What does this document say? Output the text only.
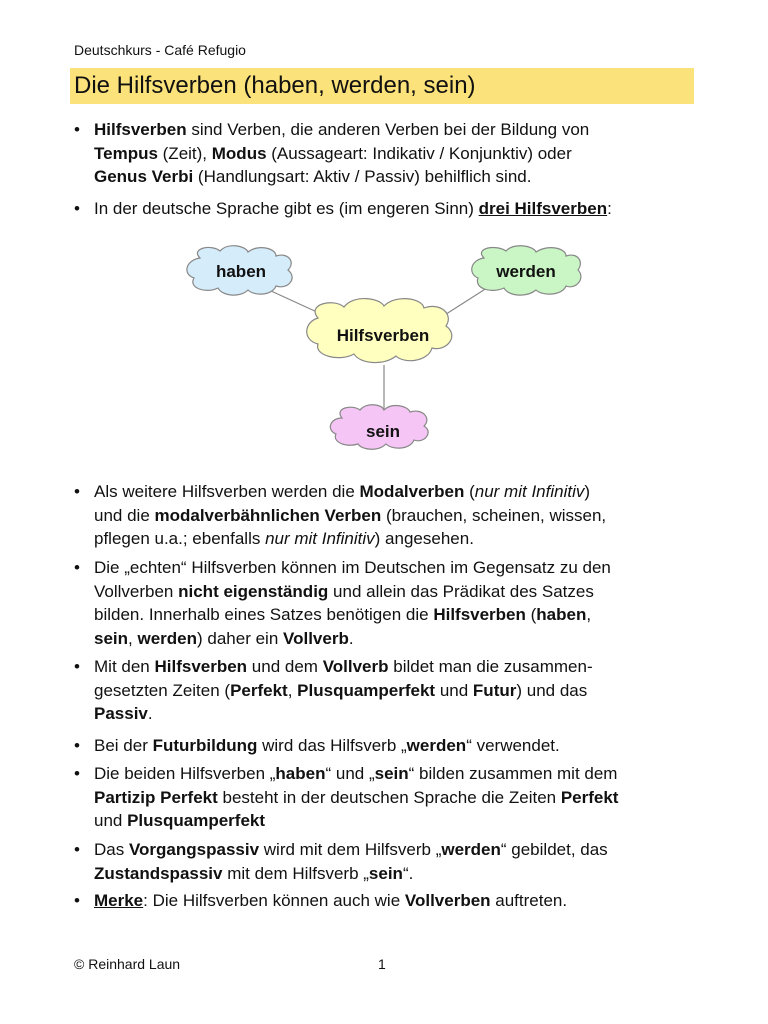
Deutschkurs - Café Refugio
Die Hilfsverben (haben, werden, sein)
• Hilfsverben sind Verben, die anderen Verben bei der Bildung von
Tempus (Zeit), Modus (Aussageart: Indikativ / Konjunktiv) oder
Genus Verbi (Handlungsart: Aktiv / Passiv) behilflich sind.
• In der deutsche Sprache gibt es (im engeren Sinn) drei Hilfsverben:
haben	werden
Hilfsverben
sein
• Als weitere Hilfsverben werden die Modalverben (nur mit Infinitiv)
und die modalverbähnlichen Verben (brauchen, scheinen, wissen,
pflegen u.a.; ebenfalls nur mit Infinitiv) angesehen.
• Die „echten“ Hilfsverben können im Deutschen im Gegensatz zu den
Vollverben nicht eigenständig und allein das Prädikat des Satzes
bilden. Innerhalb eines Satzes benötigen die Hilfsverben (haben,
sein, werden) daher ein Vollverb.
• Mit den Hilfsverben und dem Vollverb bildet man die zusammen-
gesetzten Zeiten (Perfekt, Plusquamperfekt und Futur) und das
Passiv.
• Bei der Futurbildung wird das Hilfsverb „werden“ verwendet.
• Die beiden Hilfsverben „haben“ und „sein“ bilden zusammen mit dem
Partizip Perfekt besteht in der deutschen Sprache die Zeiten Perfekt
und Plusquamperfekt
• Das Vorgangspassiv wird mit dem Hilfsverb „werden“ gebildet, das
Zustandspassiv mit dem Hilfsverb „sein“.
• Merke: Die Hilfsverben können auch wie Vollverben auftreten.
© Reinhard Laun	1
